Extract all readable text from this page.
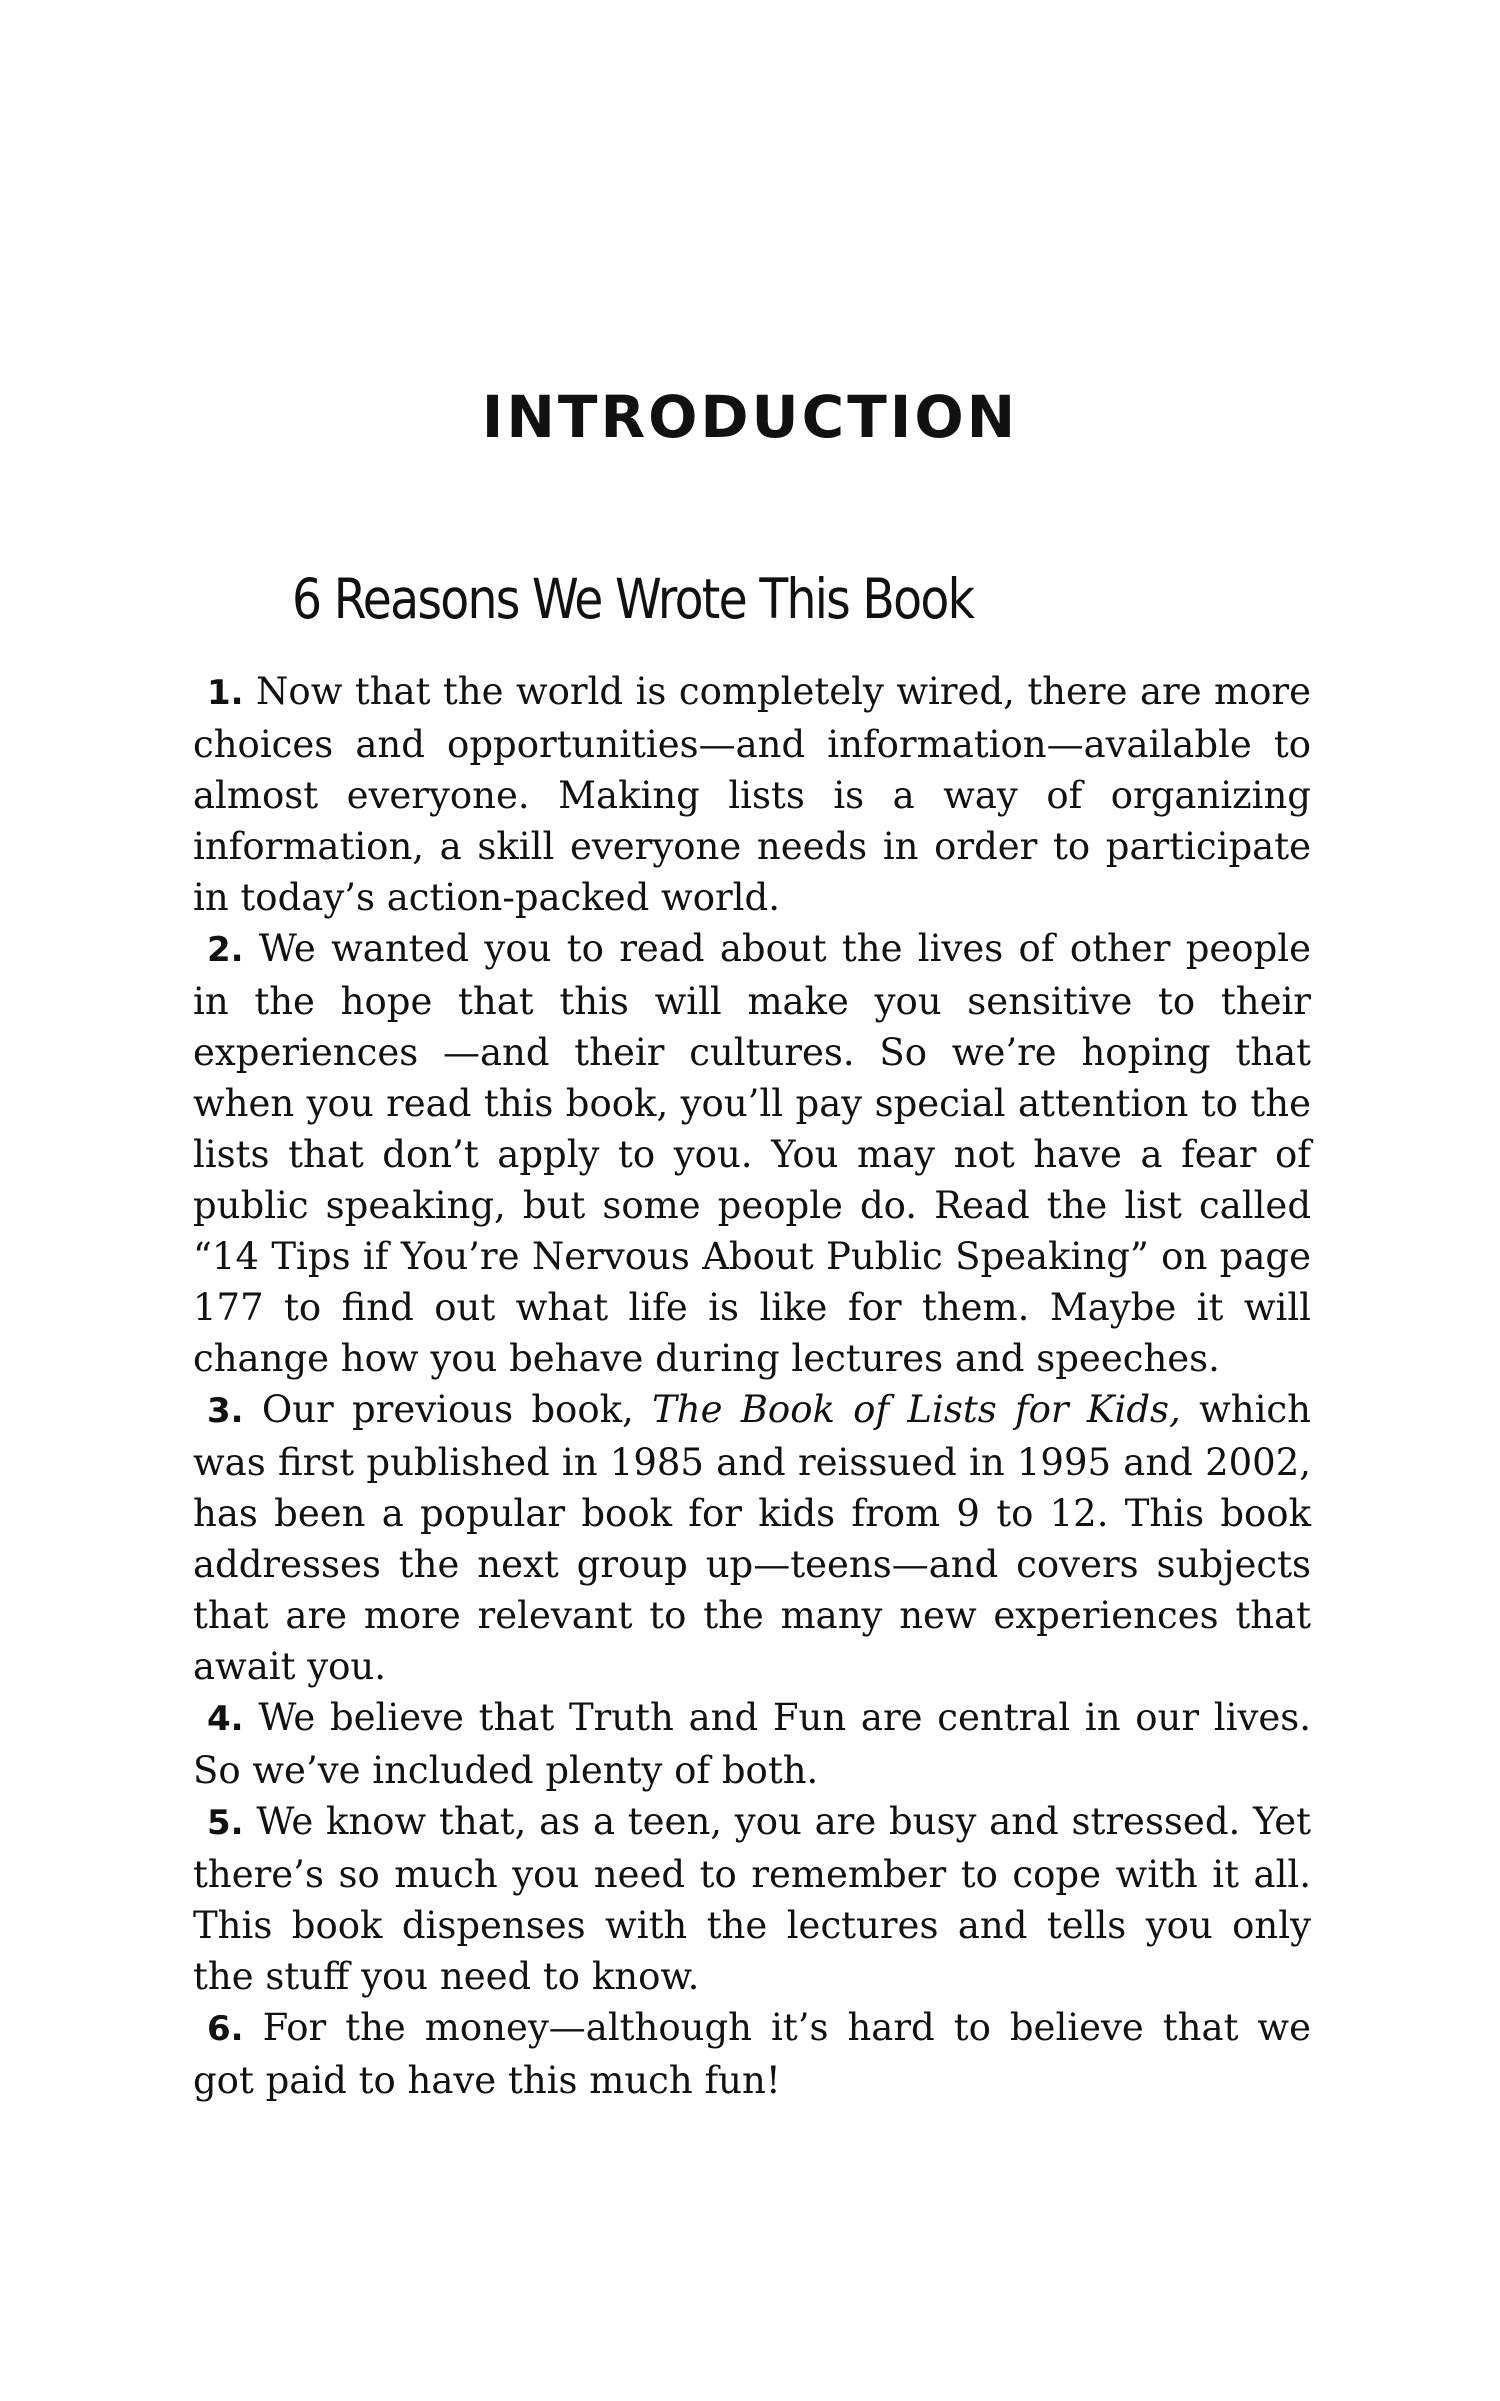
INTRODUCTION
6 Reasons We Wrote This Book

1. Now that the world is completely wired, there are more choices and opportunities—and information—available to almost everyone. Making lists is a way of organizing information, a skill everyone needs in order to participate in today’s action-packed world.

2. We wanted you to read about the lives of other people in the hope that this will make you sensitive to their experiences —and their cultures. So we’re hoping that when you read this book, you’ll pay special attention to the lists that don’t apply to you. You may not have a fear of public speaking, but some people do. Read the list called “14 Tips if You’re Nervous About Public Speaking” on page 177 to find out what life is like for them. Maybe it will change how you behave during lectures and speeches.

3. Our previous book, The Book of Lists for Kids, which was first published in 1985 and reissued in 1995 and 2002, has been a popular book for kids from 9 to 12. This book addresses the next group up—teens—and covers subjects that are more relevant to the many new experiences that await you.

4. We believe that Truth and Fun are central in our lives. So we’ve included plenty of both.

5. We know that, as a teen, you are busy and stressed. Yet there’s so much you need to remember to cope with it all. This book dispenses with the lectures and tells you only the stuff you need to know.

6. For the money—although it’s hard to believe that we got paid to have this much fun!
